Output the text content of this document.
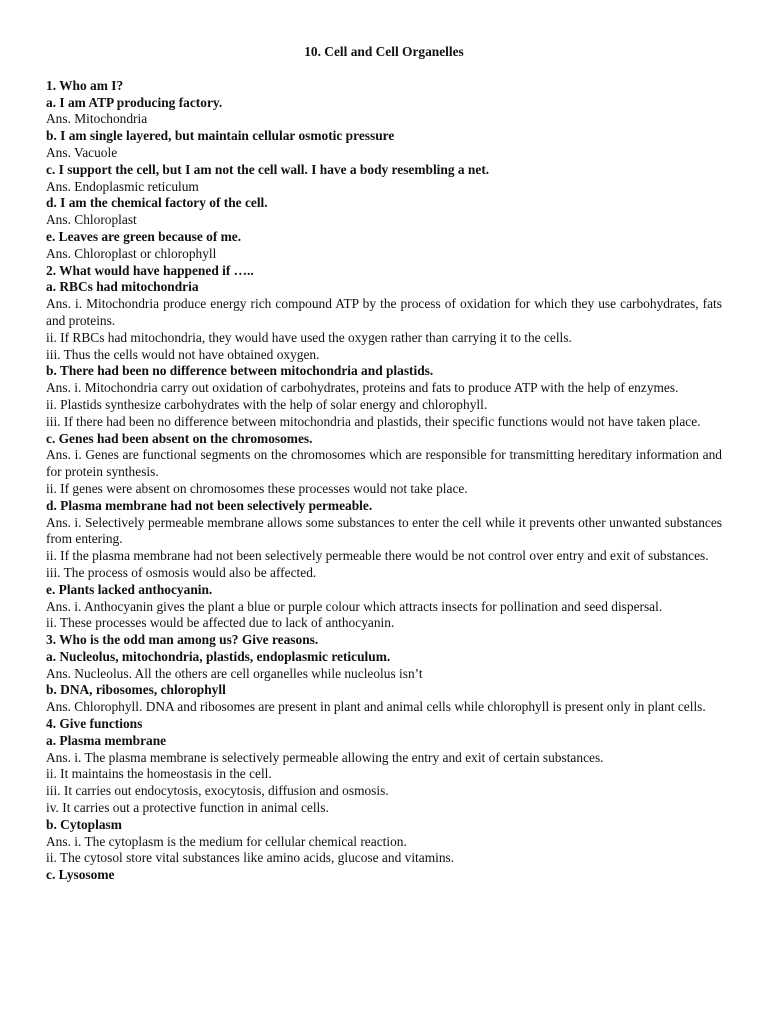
10. Cell and Cell Organelles

1. Who am I?

a. I am ATP producing factory.

Ans. Mitochondria

b. I am single layered, but maintain cellular osmotic pressure

Ans. Vacuole

c. I support the cell, but I am not the cell wall. I have a body resembling a net.

Ans. Endoplasmic reticulum

d. I am the chemical factory of the cell.

Ans. Chloroplast

e. Leaves are green because of me.

Ans. Chloroplast or chlorophyll

2. What would have happened if …..

a. RBCs had mitochondria

Ans. i. Mitochondria produce energy rich compound ATP by the process of oxidation for which they use carbohydrates, fats and proteins.

ii. If RBCs had mitochondria, they would have used the oxygen rather than carrying it to the cells.

iii. Thus the cells would not have obtained oxygen.

b. There had been no difference between mitochondria and plastids.

Ans. i. Mitochondria carry out oxidation of carbohydrates, proteins and fats to produce ATP with the help of enzymes.

ii. Plastids synthesize carbohydrates with the help of solar energy and chlorophyll.

iii. If there had been no difference between mitochondria and plastids, their specific functions would not have taken place.

c. Genes had been absent on the chromosomes.

Ans. i. Genes are functional segments on the chromosomes which are responsible for transmitting hereditary information and for protein synthesis.

ii. If genes were absent on chromosomes these processes would not take place.

d. Plasma membrane had not been selectively permeable.

Ans. i. Selectively permeable membrane allows some substances to enter the cell while it prevents other unwanted substances from entering.

ii. If the plasma membrane had not been selectively permeable there would be not control over entry and exit of substances.

iii. The process of osmosis would also be affected.

e. Plants lacked anthocyanin.

Ans. i. Anthocyanin gives the plant a blue or purple colour which attracts insects for pollination and seed dispersal.

ii. These processes would be affected due to lack of anthocyanin.

3. Who is the odd man among us? Give reasons.

a. Nucleolus, mitochondria, plastids, endoplasmic reticulum.

Ans. Nucleolus. All the others are cell organelles while nucleolus isn’t

b. DNA, ribosomes, chlorophyll

Ans. Chlorophyll. DNA and ribosomes are present in plant and animal cells while chlorophyll is present only in plant cells.

4. Give functions

a. Plasma membrane

Ans. i. The plasma membrane is selectively permeable allowing the entry and exit of certain substances.

ii. It maintains the homeostasis in the cell.

iii. It carries out endocytosis, exocytosis, diffusion and osmosis.

iv. It carries out a protective function in animal cells.

b. Cytoplasm

Ans. i. The cytoplasm is the medium for cellular chemical reaction.

ii. The cytosol store vital substances like amino acids, glucose and vitamins.

c. Lysosome
